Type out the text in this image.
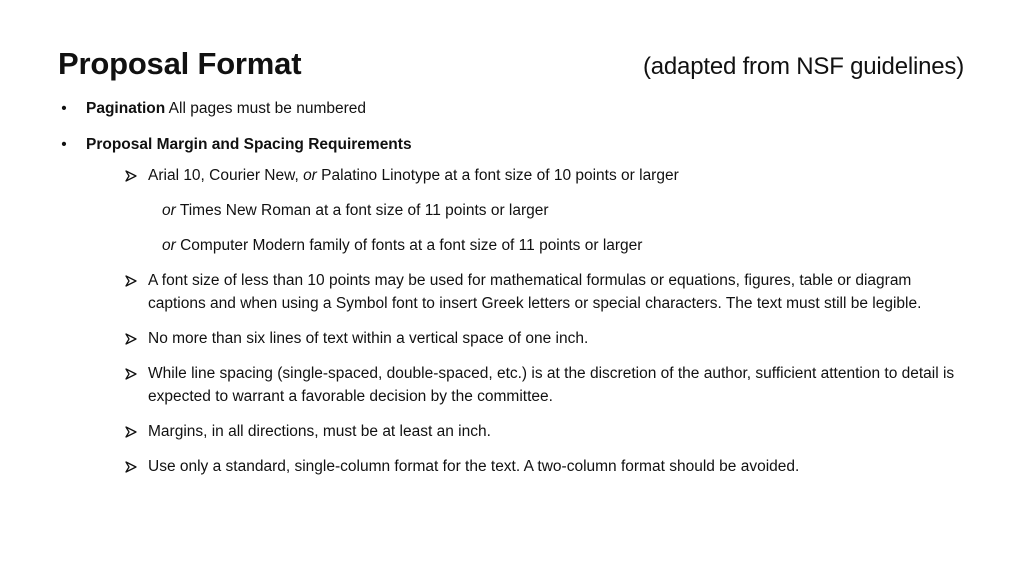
Proposal Format	(adapted from NSF guidelines)
• Pagination All pages must be numbered
• Proposal Margin and Spacing Requirements
Arial 10, Courier New, or Palatino Linotype at a font size of 10 points or larger
or Times New Roman at a font size of 11 points or larger
or Computer Modern family of fonts at a font size of 11 points or larger
A font size of less than 10 points may be used for mathematical formulas or equations, figures, table or diagram captions and when using a Symbol font to insert Greek letters or special characters. The text must still be legible.
No more than six lines of text within a vertical space of one inch.
While line spacing (single-spaced, double-spaced, etc.) is at the discretion of the author, sufficient attention to detail is expected to warrant a favorable decision by the committee.
Margins, in all directions, must be at least an inch.
Use only a standard, single-column format for the text. A two-column format should be avoided.
